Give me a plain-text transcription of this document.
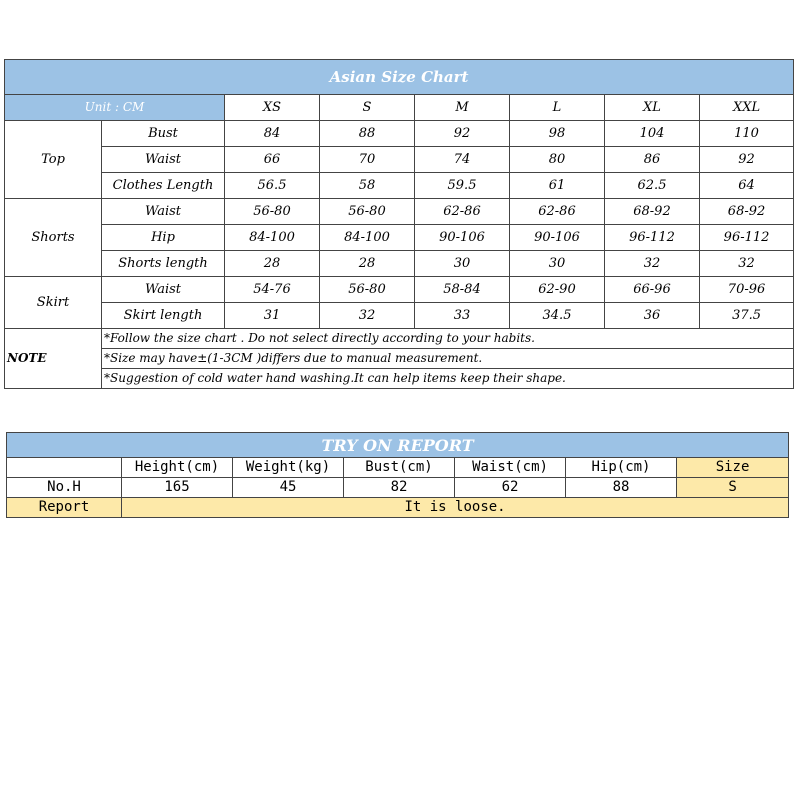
Asian Size Chart							
Unit : CM		XS	S	M	L	XL	XXL
Top	Bust	84	88	92	98	104	110
	Waist	66	70	74	80	86	92
	Clothes Length	56.5	58	59.5	61	62.5	64
Shorts	Waist	56-80	56-80	62-86	62-86	68-92	68-92
	Hip	84-100	84-100	90-106	90-106	96-112	96-112
	Shorts length	28	28	30	30	32	32
Skirt	Waist	54-76	56-80	58-84	62-90	66-96	70-96
	Skirt length	31	32	33	34.5	36	37.5
NOTE	*Follow the size chart . Do not select directly according to your habits.						
	*Size may have±(1-3CM )differs due to manual measurement.						
	*Suggestion of cold water hand washing.It can help items keep their shape.						
TRY ON REPORT						
	Height(cm)	Weight(kg)	Bust(cm)	Waist(cm)	Hip(cm)	Size
No.H	165	45	82	62	88	S
Report	It is loose.					
